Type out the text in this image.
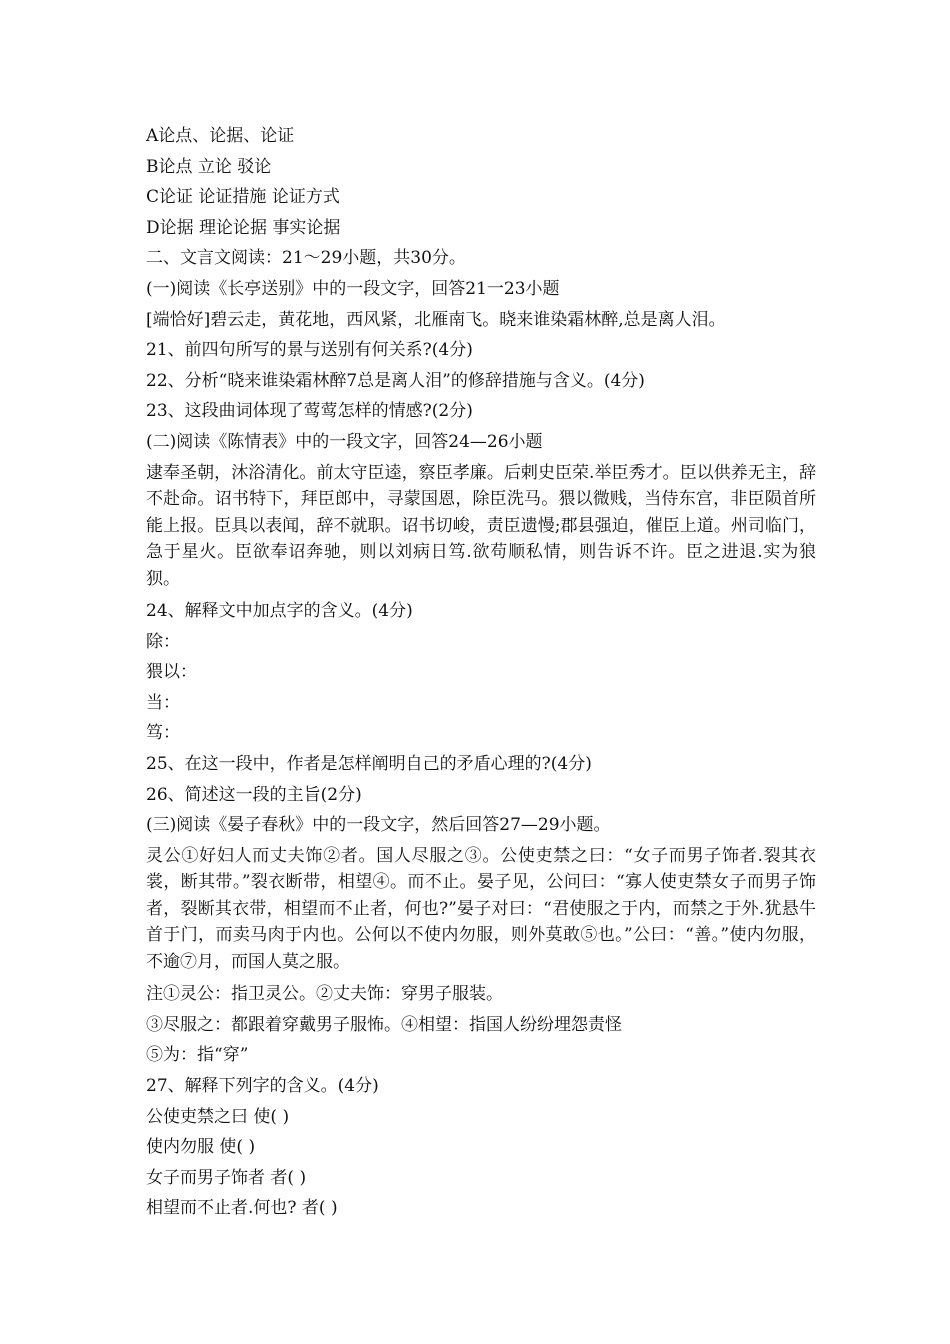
A论点、论据、论证

B论点 立论 驳论

C论证 论证措施 论证方式

D论据 理论论据 事实论据

二、文言文阅读：21～29小题，共30分。

(一)阅读《长亭送别》中的一段文字，回答21一23小题

[端恰好]碧云走，黄花地，西风紧，北雁南飞。晓来谁染霜林醉,总是离人泪。

21、前四句所写的景与送别有何关系?(4分)

22、分析“晓来谁染霜林醉7总是离人泪”的修辞措施与含义。(4分)

23、这段曲词体现了莺莺怎样的情感?(2分)

(二)阅读《陈情表》中的一段文字，回答24—26小题

逮奉圣朝，沐浴清化。前太守臣逵，察臣孝廉。后剌史臣荣.举臣秀才。臣以供养无主，辞不赴命。诏书特下，拜臣郎中，寻蒙国恩，除臣洗马。猥以微贱，当侍东宫，非臣陨首所能上报。臣具以表闻，辞不就职。诏书切峻，责臣遗慢;郡县强迫，催臣上道。州司临门，急于星火。臣欲奉诏奔驰，则以刘病日笃.欲苟顺私情，则告诉不许。臣之进退.实为狼狈。

24、解释文中加点字的含义。(4分)

除：

猥以：

当：

笃：

25、在这一段中，作者是怎样阐明自己的矛盾心理的?(4分)

26、简述这一段的主旨(2分)

(三)阅读《晏子春秋》中的一段文字，然后回答27—29小题。

灵公①好妇人而丈夫饰②者。国人尽服之③。公使吏禁之曰：“女子而男子饰者.裂其衣裳，断其带。”裂衣断带，相望④。而不止。晏子见，公问曰：“寡人使吏禁女子而男子饰者，裂断其衣带，相望而不止者，何也?”晏子对曰：“君使服之于内，而禁之于外.犹悬牛首于门，而卖马肉于内也。公何以不使内勿服，则外莫敢⑤也。”公曰：“善。”使内勿服，不逾⑦月，而国人莫之服。

注①灵公：指卫灵公。②丈夫饰：穿男子服装。

③尽服之：都跟着穿戴男子服怖。④相望：指国人纷纷埋怨责怪

⑤为：指“穿”

27、解释下列字的含义。(4分)

公使吏禁之曰 使( )

使内勿服 使( )

女子而男子饰者 者( )

相望而不止者.何也? 者( )
